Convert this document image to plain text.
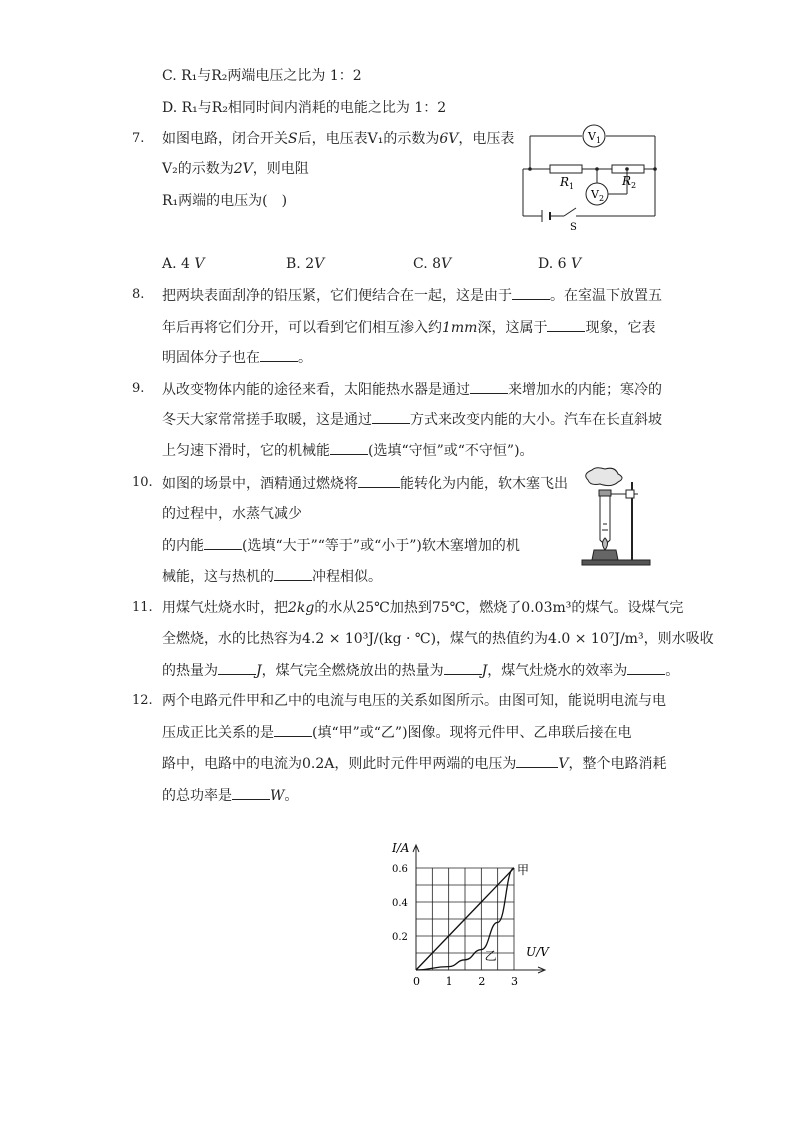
C. R₁与R₂两端电压之比为 1：2
D. R₁与R₂相同时间内消耗的电能之比为 1：2
7. 如图电路，闭合开关S后，电压表V₁的示数为6V，电压表
V₂的示数为2V，则电阻
R₁两端的电压为(　)
$V_1$
$V_2$
$R_1$	$R_2$
S
A. 4 V	B. 2V	C. 8V	D. 6 V
8. 把两块表面刮净的铅压紧，它们便结合在一起，这是由于	。在室温下放置五
年后再将它们分开，可以看到它们相互渗入约1mm深，这属于	现象，它表
明固体分子也在	。
9. 从改变物体内能的途径来看，太阳能热水器是通过	来增加水的内能；寒冷的
冬天大家常常搓手取暖，这是通过	方式来改变内能的大小。汽车在长直斜坡
上匀速下滑时，它的机械能	(选填“守恒”或“不守恒”)。
10. 如图的场景中，酒精通过燃烧将	能转化为内能，软木塞飞出
的过程中，水蒸气减少
的内能	(选填“大于”“等于”或“小于”)软木塞增加的机
械能，这与热机的	冲程相似。
11. 用煤气灶烧水时，把2kg的水从25℃加热到75℃，燃烧了0.03m³的煤气。设煤气完
全燃烧，水的比热容为4.2 × 10³J/(kg · ℃)，煤气的热值约为4.0 × 10⁷J/m³，则水吸收
的热量为	J，煤气完全燃烧放出的热量为	J，煤气灶烧水的效率为	。
12. 两个电路元件甲和乙中的电流与电压的关系如图所示。由图可知，能说明电流与电
压成正比关系的是	(填“甲”或“乙”)图像。现将元件甲、乙串联后接在电
路中，电路中的电流为0.2A，则此时元件甲两端的电压为	V，整个电路消耗
的总功率是	W。
甲
乙
0 1 2 3
0.2
0.4
0.6
I/A
U/V
